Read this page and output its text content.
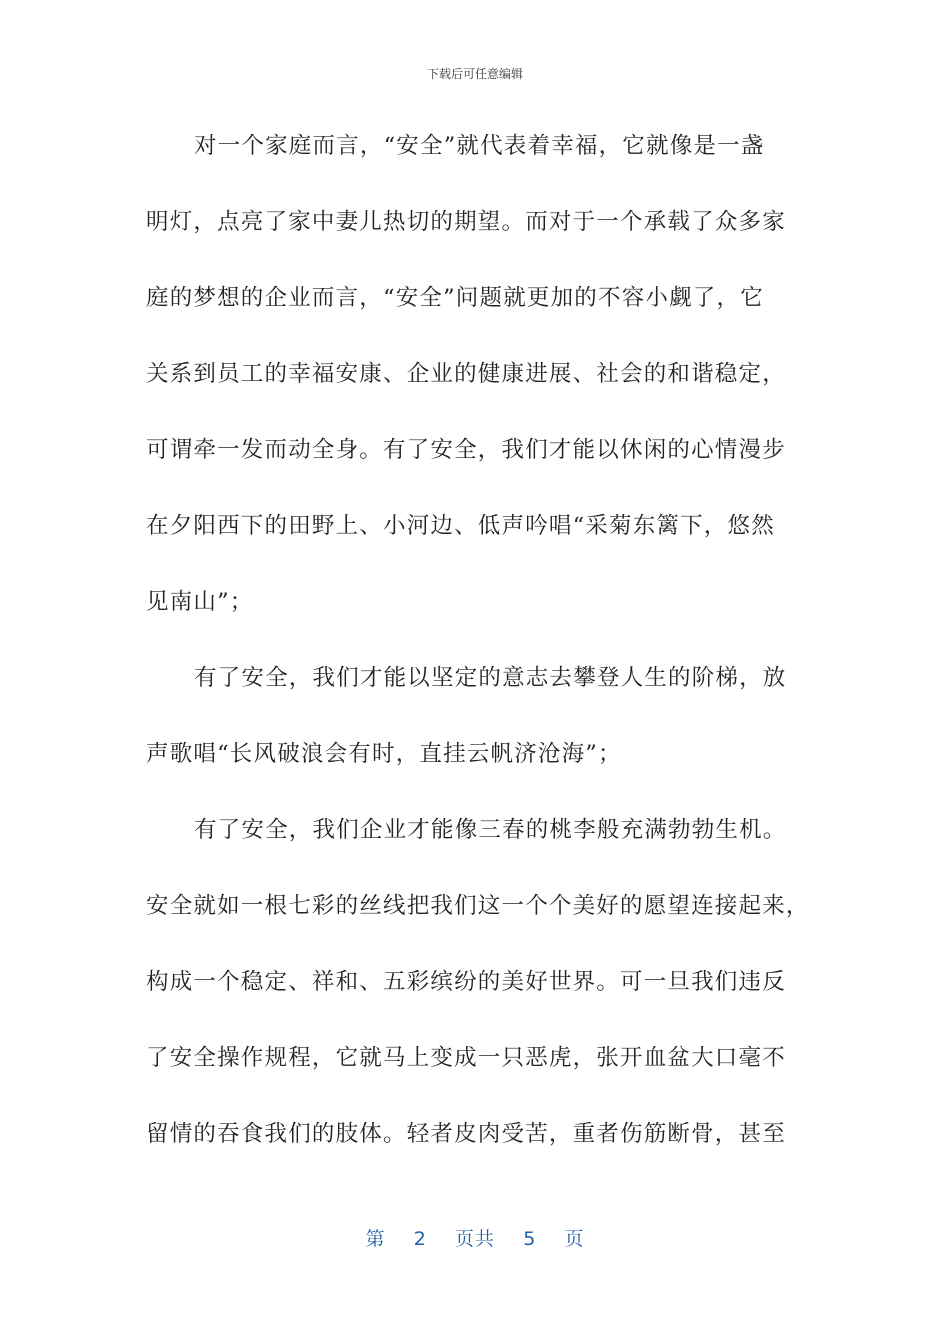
下载后可任意编辑
对一个家庭而言，“安全”就代表着幸福，它就像是一盏
明灯，点亮了家中妻儿热切的期望。而对于一个承载了众多家
庭的梦想的企业而言，“安全”问题就更加的不容小觑了，它
关系到员工的幸福安康、企业的健康进展、社会的和谐稳定，
可谓牵一发而动全身。有了安全，我们才能以休闲的心情漫步
在夕阳西下的田野上、小河边、低声吟唱“采菊东篱下，悠然
见南山”；
有了安全，我们才能以坚定的意志去攀登人生的阶梯，放
声歌唱“长风破浪会有时，直挂云帆济沧海”；
有了安全，我们企业才能像三春的桃李般充满勃勃生机。
安全就如一根七彩的丝线把我们这一个个美好的愿望连接起来，
构成一个稳定、祥和、五彩缤纷的美好世界。可一旦我们违反
了安全操作规程，它就马上变成一只恶虎，张开血盆大口毫不
留情的吞食我们的肢体。轻者皮肉受苦，重者伤筋断骨，甚至
第 2 页共 5 页
